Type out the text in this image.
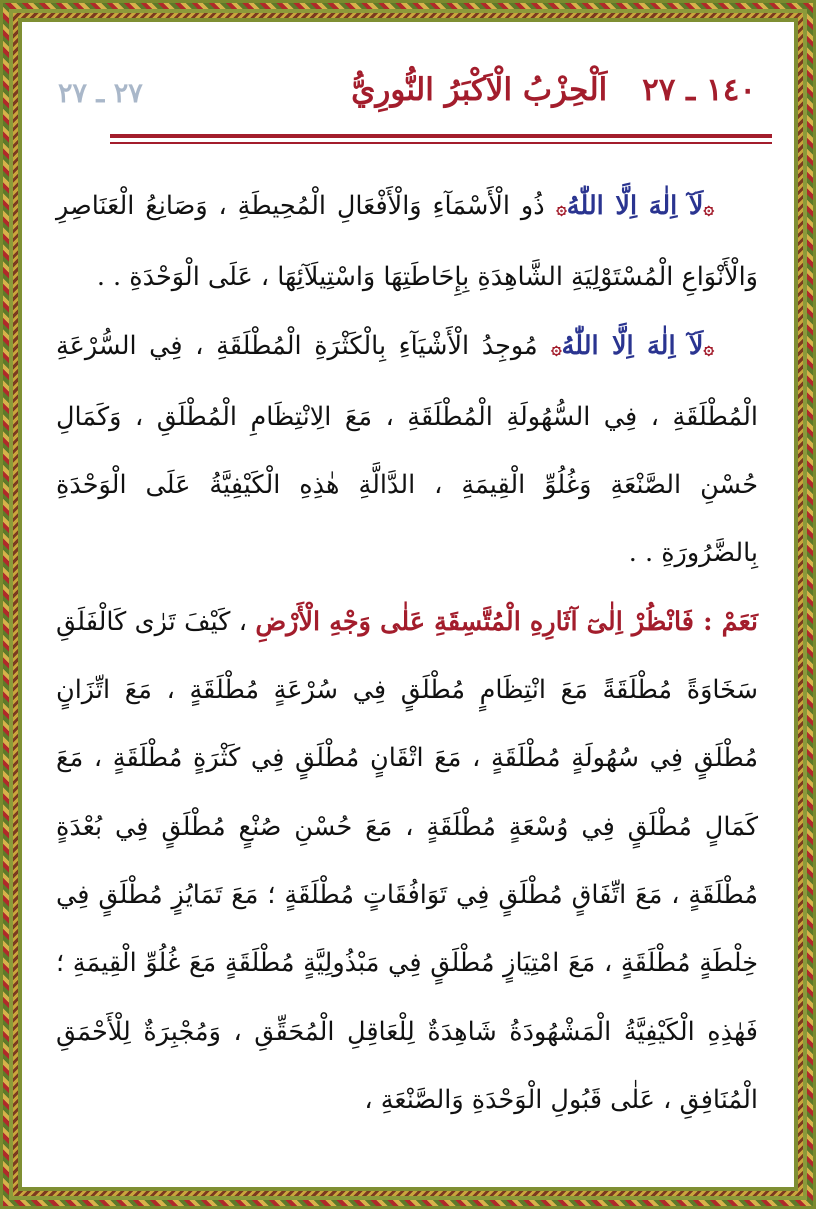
١٤٠ ـ ٢٧ اَلْحِزْبُ الْاَكْبَرُ النُّورِيُّ
٢٧ ـ ٢٧

۞لَآ اِلٰهَ اِلَّا اللّٰهُ۞ ذُو الْأَسْمَآءِ وَالْأَفْعَالِ الْمُحِيطَةِ ، وَصَانِعُ الْعَنَاصِرِ وَالْأَنْوَاعِ الْمُسْتَوْلِيَةِ الشَّاهِدَةِ بِإِحَاطَتِهَا وَاسْتِيلَآئِهَا ، عَلَى الْوَحْدَةِ . .

۞لَآ اِلٰهَ اِلَّا اللّٰهُ۞ مُوجِدُ الْأَشْيَآءِ بِالْكَثْرَةِ الْمُطْلَقَةِ ، فِي السُّرْعَةِ الْمُطْلَقَةِ ، فِي السُّهُولَةِ الْمُطْلَقَةِ ، مَعَ الِانْتِظَامِ الْمُطْلَقِ ، وَكَمَالِ حُسْنِ الصَّنْعَةِ وَغُلُوِّ الْقِيمَةِ ، الدَّالَّةِ هٰذِهِ الْكَيْفِيَّةُ عَلَى الْوَحْدَةِ بِالضَّرُورَةِ . .

نَعَمْ : فَانْظُرْ اِلٰىٓ آثَارِهِ الْمُتَّسِقَةِ عَلٰى وَجْهِ الْأَرْضِ ، كَيْفَ تَرٰى كَالْفَلَقِ سَخَاوَةً مُطْلَقَةً مَعَ انْتِظَامٍ مُطْلَقٍ فِي سُرْعَةٍ مُطْلَقَةٍ ، مَعَ اتِّزَانٍ مُطْلَقٍ فِي سُهُولَةٍ مُطْلَقَةٍ ، مَعَ اتْقَانٍ مُطْلَقٍ فِي كَثْرَةٍ مُطْلَقَةٍ ، مَعَ كَمَالٍ مُطْلَقٍ فِي وُسْعَةٍ مُطْلَقَةٍ ، مَعَ حُسْنِ صُنْعٍ مُطْلَقٍ فِي بُعْدَةٍ مُطْلَقَةٍ ، مَعَ اتِّفَاقٍ مُطْلَقٍ فِي تَوَافُقَاتٍ مُطْلَقَةٍ ؛ مَعَ تَمَايُزٍ مُطْلَقٍ فِي خِلْطَةٍ مُطْلَقَةٍ ، مَعَ امْتِيَازٍ مُطْلَقٍ فِي مَبْذُولِيَّةٍ مُطْلَقَةٍ مَعَ غُلُوِّ الْقِيمَةِ ؛ فَهٰذِهِ الْكَيْفِيَّةُ الْمَشْهُودَةُ شَاهِدَةٌ لِلْعَاقِلِ الْمُحَقِّقِ ، وَمُجْبِرَةٌ لِلْأَحْمَقِ الْمُنَافِقِ ، عَلٰى قَبُولِ الْوَحْدَةِ وَالصَّنْعَةِ ،
